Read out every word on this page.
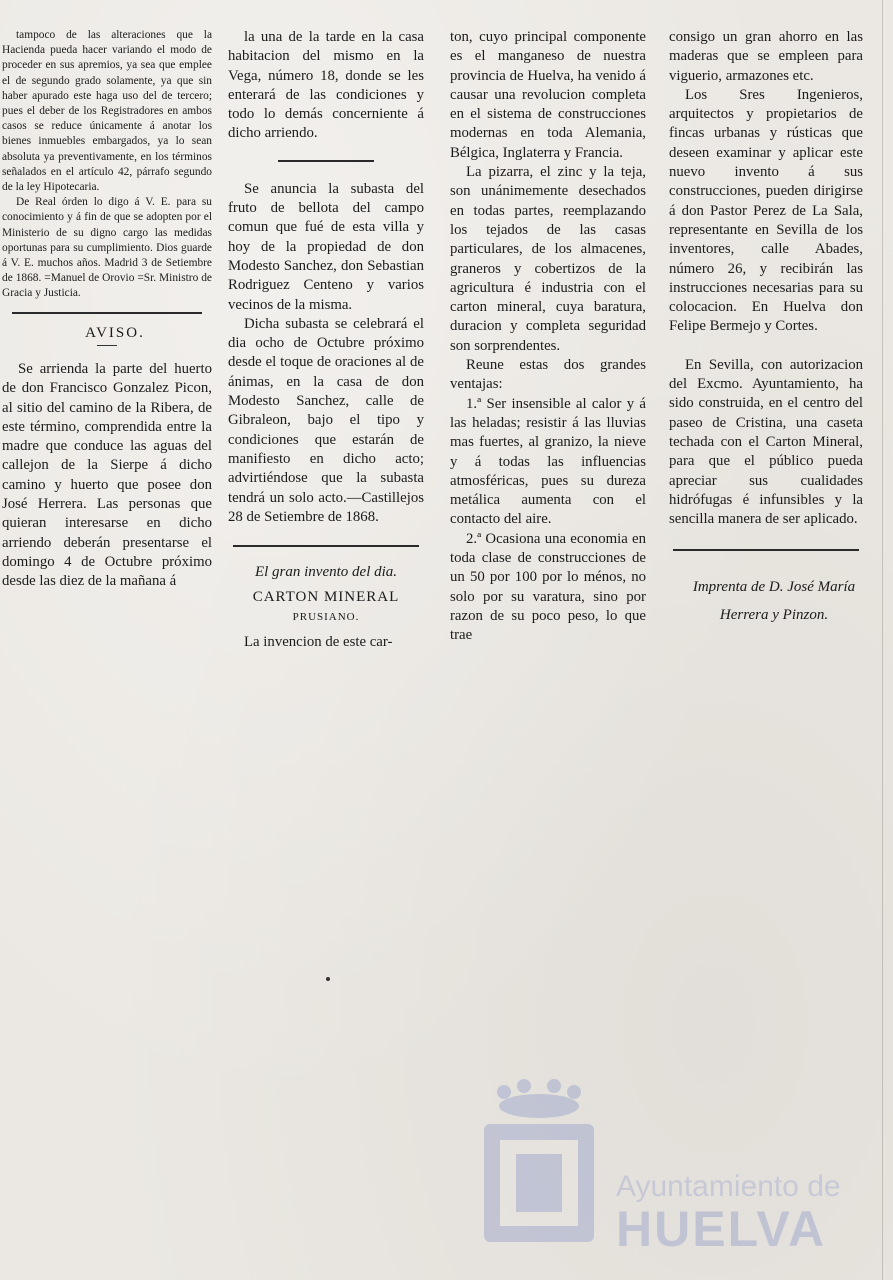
tampoco de las alteraciones que la Hacienda pueda hacer variando el modo de proceder en sus apremios, ya sea que emplee el de segundo grado solamente, ya que sin haber apurado este haga uso del de tercero; pues el deber de los Registradores en ambos casos se reduce únicamente á anotar los bienes inmuebles embargados, ya lo sean absoluta ya preventivamente, en los términos señalados en el artículo 42, párrafo segundo de la ley Hipotecaria.

De Real órden lo digo á V. E. para su conocimiento y á fin de que se adopten por el Ministerio de su digno cargo las medidas oportunas para su cumplimiento. Dios guarde á V. E. muchos años. Madrid 3 de Setiembre de 1868. =Manuel de Orovio =Sr. Ministro de Gracia y Justicia.

AVISO.

Se arrienda la parte del huerto de don Francisco Gonzalez Picon, al sitio del camino de la Ribera, de este término, comprendida entre la madre que conduce las aguas del callejon de la Sierpe á dicho camino y huerto que posee don José Herrera. Las personas que quieran interesarse en dicho arriendo deberán presentarse el domingo 4 de Octubre próximo desde las diez de la mañana á

la una de la tarde en la casa habitacion del mismo en la Vega, número 18, donde se les enterará de las condiciones y todo lo demás concerniente á dicho arriendo.

Se anuncia la subasta del fruto de bellota del campo comun que fué de esta villa y hoy de la propiedad de don Modesto Sanchez, don Sebastian Rodriguez Centeno y varios vecinos de la misma.

Dicha subasta se celebrará el dia ocho de Octubre próximo desde el toque de oraciones al de ánimas, en la casa de don Modesto Sanchez, calle de Gibraleon, bajo el tipo y condiciones que estarán de manifiesto en dicho acto; advirtiéndose que la subasta tendrá un solo acto.—Castillejos 28 de Setiembre de 1868.

El gran invento del dia.
CARTON MINERAL
PRUSIANO.

La invencion de este car-

ton, cuyo principal componente es el manganeso de nuestra provincia de Huelva, ha venido á causar una revolucion completa en el sistema de construcciones modernas en toda Alemania, Bélgica, Inglaterra y Francia.

La pizarra, el zinc y la teja, son unánimemente desechados en todas partes, reemplazando los tejados de las casas particulares, de los almacenes, graneros y cobertizos de la agricultura é industria con el carton mineral, cuya baratura, duracion y completa seguridad son sorprendentes.

Reune estas dos grandes ventajas:

1.ª Ser insensible al calor y á las heladas; resistir á las lluvias mas fuertes, al granizo, la nieve y á todas las influencias atmosféricas, pues su dureza metálica aumenta con el contacto del aire.

2.ª Ocasiona una economia en toda clase de construcciones de un 50 por 100 por lo ménos, no solo por su varatura, sino por razon de su poco peso, lo que trae

consigo un gran ahorro en las maderas que se empleen para viguerio, armazones etc.

Los Sres Ingenieros, arquitectos y propietarios de fincas urbanas y rústicas que deseen examinar y aplicar este nuevo invento á sus construcciones, pueden dirigirse á don Pastor Perez de La Sala, representante en Sevilla de los inventores, calle Abades, número 26, y recibirán las instrucciones necesarias para su colocacion. En Huelva don Felipe Bermejo y Cortes.

En Sevilla, con autorizacion del Excmo. Ayuntamiento, ha sido construida, en el centro del paseo de Cristina, una caseta techada con el Carton Mineral, para que el público pueda apreciar sus cualidades hidrófugas é infunsibles y la sencilla manera de ser aplicado.

Imprenta de D. José María

Herrera y Pinzon.

Ayuntamiento de
HUELVA
